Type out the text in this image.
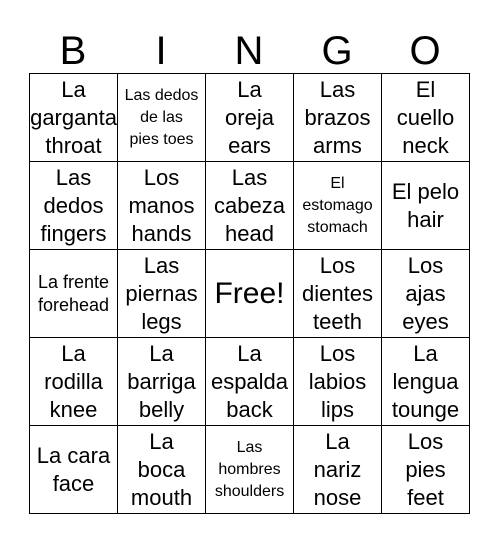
B	I	N	G	O
La
garganta
throat
Las dedos
de las
pies toes
La
oreja
ears
Las
brazos
arms
El
cuello
neck
Las
dedos
fingers
Los
manos
hands
Las
cabeza
head
El
estomago
stomach
El pelo
hair
La frente
forehead
Las
piernas
legs
Free!
Los
dientes
teeth
Los
ajas
eyes
La
rodilla
knee
La
barriga
belly
La
espalda
back
Los
labios
lips
La
lengua
tounge
La cara
face
La
boca
mouth
Las
hombres
shoulders
La
nariz
nose
Los
pies
feet
